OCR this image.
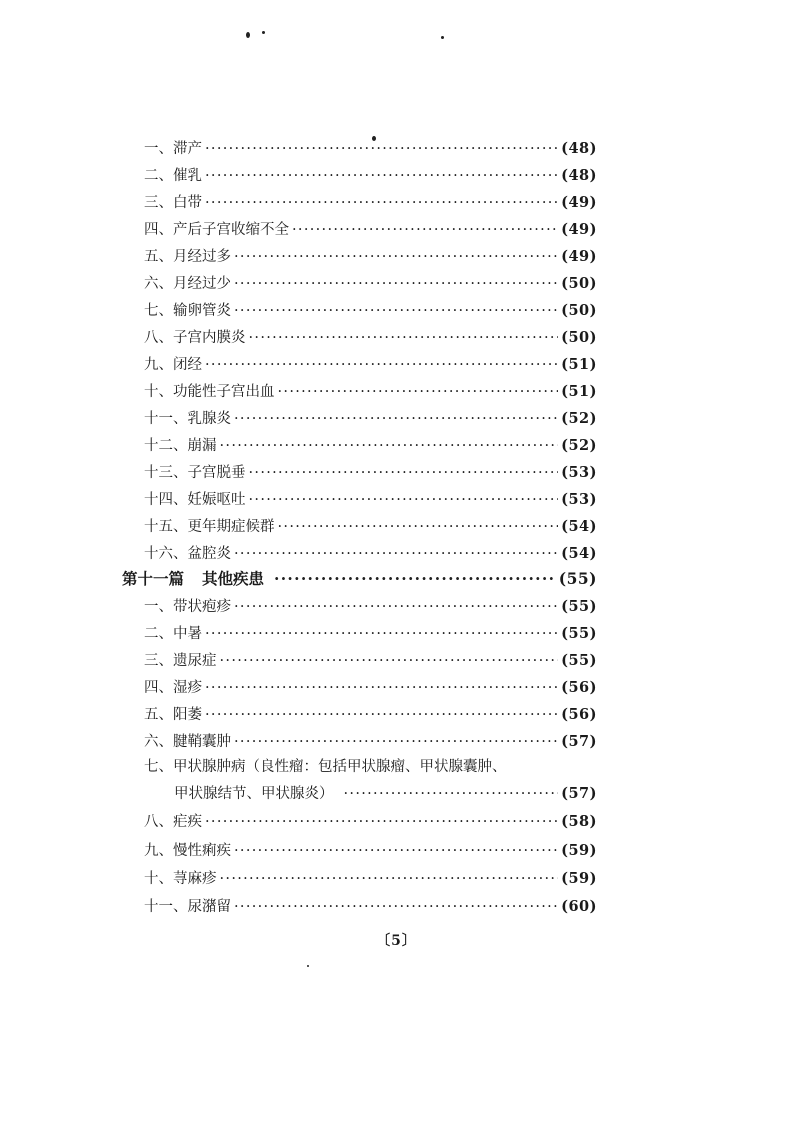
一、滞产 ·····	(48)
二、催乳 ·····	(48)
三、白带 ·····	(49)
四、产后子宫收缩不全 ·····	(49)
五、月经过多 ·····	(49)
六、月经过少 ·····	(50)
七、输卵管炎 ·····	(50)
八、子宫内膜炎 ·····	(50)
九、闭经 ·····	(51)
十、功能性子宫出血 ·····	(51)
十一、乳腺炎 ·····	(52)
十二、崩漏 ·····	(52)
十三、子宫脱垂 ·····	(53)
十四、妊娠呕吐 ·····	(53)
十五、更年期症候群 ·····	(54)
十六、盆腔炎 ·····	(54)
第十一篇 其他疾患 ·····	(55)
一、带状疱疹 ·····	(55)
二、中暑 ·····	(55)
三、遗尿症 ·····	(55)
四、湿疹 ·····	(56)
五、阳萎 ·····	(56)
六、腱鞘囊肿 ·····	(57)
七、甲状腺肿病（良性瘤：包括甲状腺瘤、甲状腺囊肿、
甲状腺结节、甲状腺炎） ·····	(57)
八、疟疾 ·····	(58)
九、慢性痢疾 ·····	(59)
十、荨麻疹 ·····	(59)
十一、尿潴留 ·····	(60)
〔5〕
